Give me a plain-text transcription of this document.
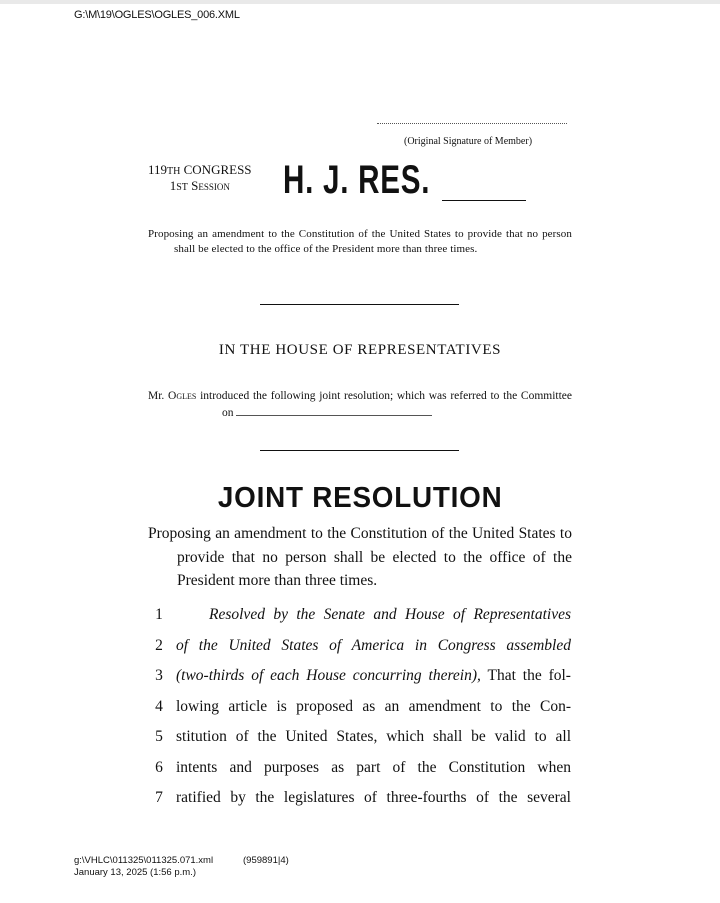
G:\M\19\OGLES\OGLES_006.XML
(Original Signature of Member)
119TH CONGRESS
1ST Session	H. J. RES.
Proposing an amendment to the Constitution of the United States to provide that no person shall be elected to the office of the President more than three times.
IN THE HOUSE OF REPRESENTATIVES
Mr. Ogles introduced the following joint resolution; which was referred to the Committee on
JOINT RESOLUTION
Proposing an amendment to the Constitution of the United States to provide that no person shall be elected to the office of the President more than three times.
1	Resolved by the Senate and House of Representatives
2 of the United States of America in Congress assembled
3 (two-thirds of each House concurring therein), That the fol-
4 lowing article is proposed as an amendment to the Con-
5 stitution of the United States, which shall be valid to all
6 intents and purposes as part of the Constitution when
7 ratified by the legislatures of three-fourths of the several
g:\VHLC\011325\011325.071.xml
January 13, 2025 (1:56 p.m.)
(959891|4)
